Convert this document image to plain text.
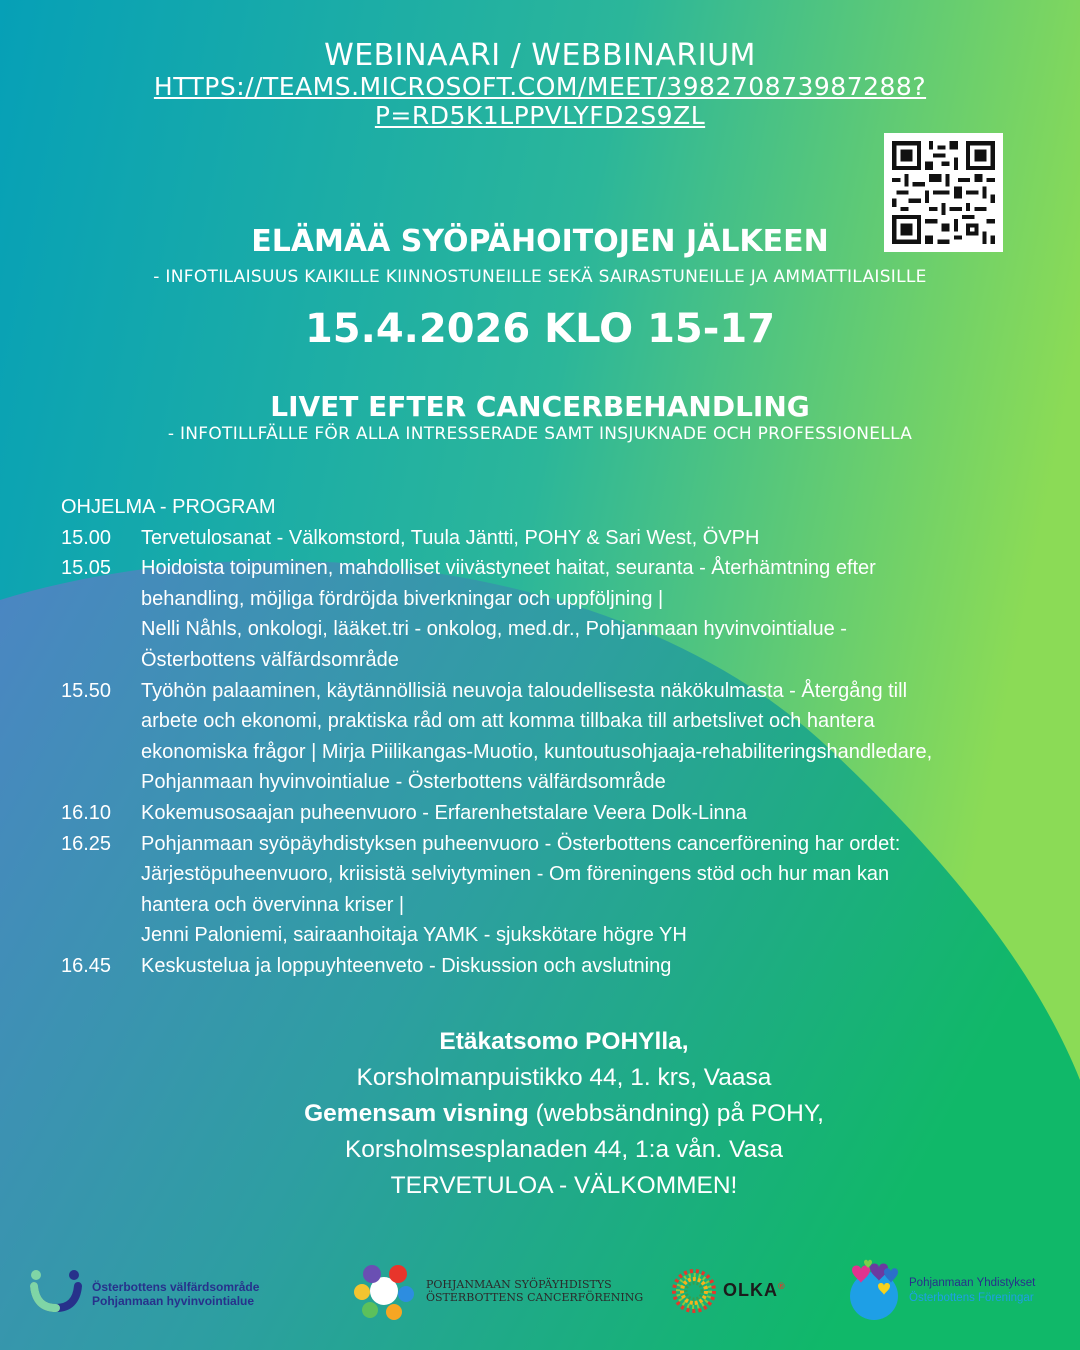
WEBINAARI / WEBBINARIUM
HTTPS://TEAMS.MICROSOFT.COM/MEET/398270873987288?P=RD5K1LPPVLYFD2S9ZL
ELÄMÄÄ SYÖPÄHOITOJEN JÄLKEEN
- INFOTILAISUUS KAIKILLE KIINNOSTUNEILLE SEKÄ SAIRASTUNEILLE JA AMMATTILAISILLE
15.4.2026 KLO 15-17
LIVET EFTER CANCERBEHANDLING
- INFOTILLFÄLLE FÖR ALLA INTRESSERADE SAMT INSJUKNADE OCH PROFESSIONELLA
OHJELMA - PROGRAM
15.00	Tervetulosanat - Välkomstord, Tuula Jäntti, POHY & Sari West, ÖVPH
15.05	Hoidoista toipuminen, mahdolliset viivästyneet haitat, seuranta - Återhämtning efter
behandling, möjliga fördröjda biverkningar och uppföljning |
Nelli Nåhls, onkologi, lääket.tri - onkolog, med.dr., Pohjanmaan hyvinvointialue -
Österbottens välfärdsområde
15.50	Työhön palaaminen, käytännöllisiä neuvoja taloudellisesta näkökulmasta - Återgång till
arbete och ekonomi, praktiska råd om att komma tillbaka till arbetslivet och hantera
ekonomiska frågor | Mirja Piilikangas-Muotio, kuntoutusohjaaja-rehabiliteringshandledare,
Pohjanmaan hyvinvointialue - Österbottens välfärdsområde
16.10	Kokemusosaajan puheenvuoro - Erfarenhetstalare Veera Dolk-Linna
16.25	Pohjanmaan syöpäyhdistyksen puheenvuoro - Österbottens cancerförening har ordet:
Järjestöpuheenvuoro, kriisistä selviytyminen - Om föreningens stöd och hur man kan
hantera och övervinna kriser |
Jenni Paloniemi, sairaanhoitaja YAMK - sjukskötare högre YH
16.45	Keskustelua ja loppuyhteenveto - Diskussion och avslutning
Etäkatsomo POHYlla,
Korsholmanpuistikko 44, 1. krs, Vaasa
Gemensam visning (webbsändning) på POHY,
Korsholmsesplanaden 44, 1:a vån. Vasa
TERVETULOA - VÄLKOMMEN!
Österbottens välfärdsområde
Pohjanmaan hyvinvointialue
POHJANMAAN SYÖPÄYHDISTYS
ÖSTERBOTTENS CANCERFÖRENING	OLKA®	Pohjanmaan Yhdistykset
Österbottens Föreningar
